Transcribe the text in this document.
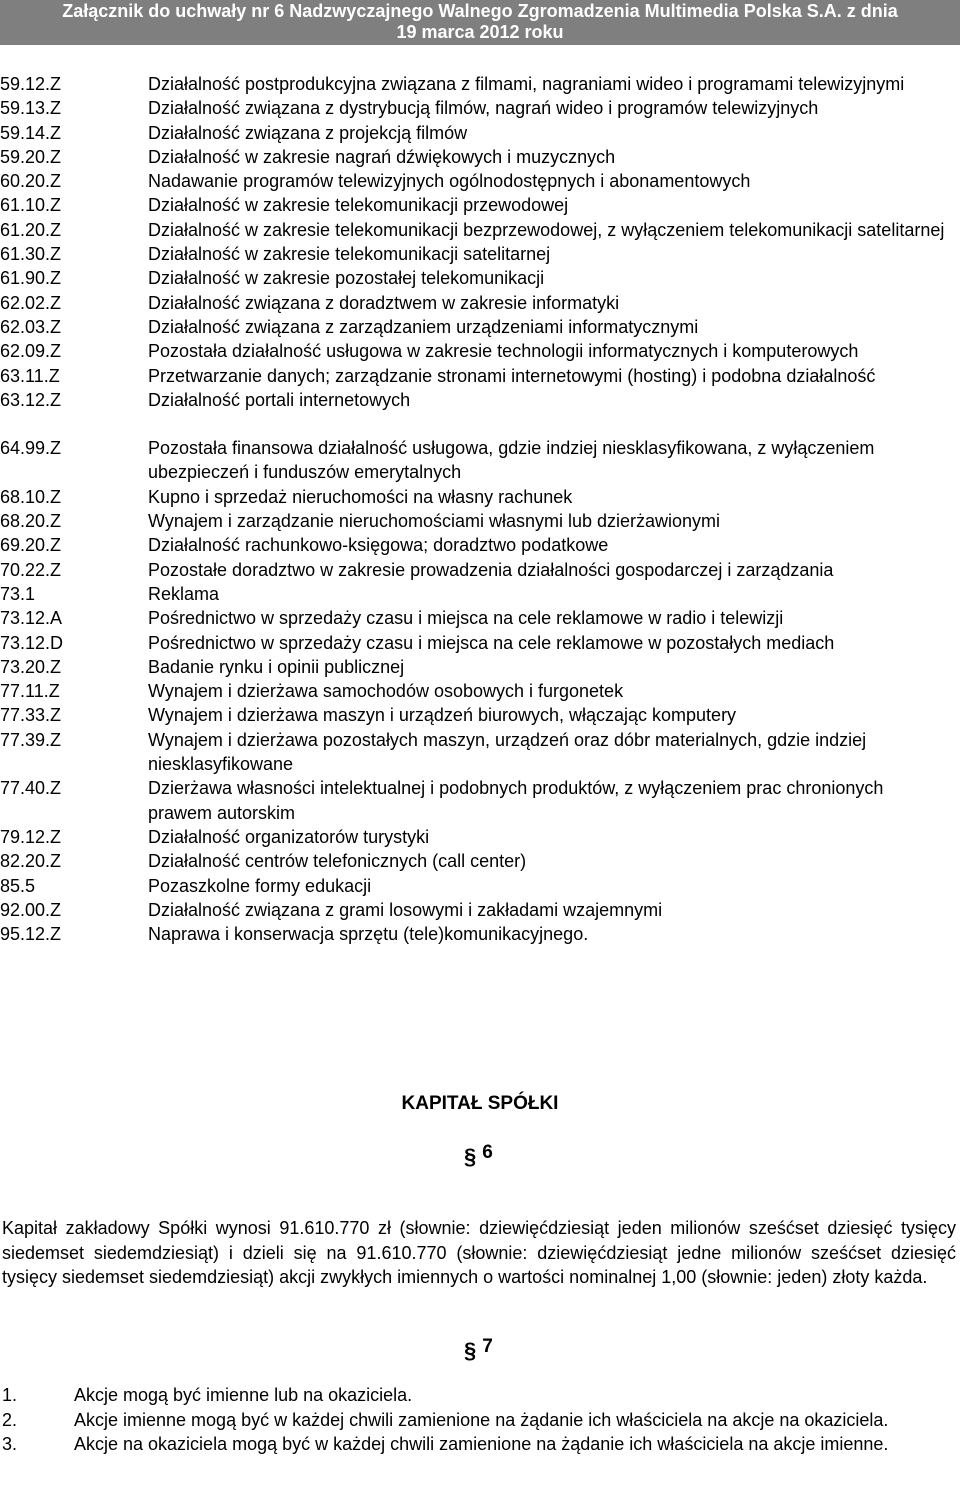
Załącznik do uchwały nr 6 Nadzwyczajnego Walnego Zgromadzenia Multimedia Polska S.A. z dnia
19 marca 2012 roku
59.12.Z	Działalność postprodukcyjna związana z filmami, nagraniami wideo i programami telewizyjnymi
59.13.Z	Działalność związana z dystrybucją filmów, nagrań wideo i programów telewizyjnych
59.14.Z	Działalność związana z projekcją filmów
59.20.Z	Działalność w zakresie nagrań dźwiękowych i muzycznych
60.20.Z	Nadawanie programów telewizyjnych ogólnodostępnych i abonamentowych
61.10.Z	Działalność w zakresie telekomunikacji przewodowej
61.20.Z	Działalność w zakresie telekomunikacji bezprzewodowej, z wyłączeniem telekomunikacji satelitarnej
61.30.Z	Działalność w zakresie telekomunikacji satelitarnej
61.90.Z	Działalność w zakresie pozostałej telekomunikacji
62.02.Z	Działalność związana z doradztwem w zakresie informatyki
62.03.Z	Działalność związana z zarządzaniem urządzeniami informatycznymi
62.09.Z	Pozostała działalność usługowa w zakresie technologii informatycznych i komputerowych
63.11.Z	Przetwarzanie danych; zarządzanie stronami internetowymi (hosting) i podobna działalność
63.12.Z	Działalność portali internetowych
64.99.Z	Pozostała finansowa działalność usługowa, gdzie indziej niesklasyfikowana, z wyłączeniem ubezpieczeń i funduszów emerytalnych
68.10.Z	Kupno i sprzedaż nieruchomości na własny rachunek
68.20.Z	Wynajem i zarządzanie nieruchomościami własnymi lub dzierżawionymi
69.20.Z	Działalność rachunkowo-księgowa; doradztwo podatkowe
70.22.Z	Pozostałe doradztwo w zakresie prowadzenia działalności gospodarczej i zarządzania
73.1	Reklama
73.12.A	Pośrednictwo w sprzedaży czasu i miejsca na cele reklamowe w radio i telewizji
73.12.D	Pośrednictwo w sprzedaży czasu i miejsca na cele reklamowe w pozostałych mediach
73.20.Z	Badanie rynku i opinii publicznej
77.11.Z	Wynajem i dzierżawa samochodów osobowych i furgonetek
77.33.Z	Wynajem i dzierżawa maszyn i urządzeń biurowych, włączając komputery
77.39.Z	Wynajem i dzierżawa pozostałych maszyn, urządzeń oraz dóbr materialnych, gdzie indziej niesklasyfikowane
77.40.Z	Dzierżawa własności intelektualnej i podobnych produktów, z wyłączeniem prac chronionych prawem autorskim
79.12.Z	Działalność organizatorów turystyki
82.20.Z	Działalność centrów telefonicznych (call center)
85.5	Pozaszkolne formy edukacji
92.00.Z	Działalność związana z grami losowymi i zakładami wzajemnymi
95.12.Z	Naprawa i konserwacja sprzętu (tele)komunikacyjnego.
KAPITAŁ SPÓŁKI
§ 6
Kapitał zakładowy Spółki wynosi 91.610.770 zł (słownie: dziewięćdziesiąt jeden milionów sześćset dziesięć tysięcy siedemset siedemdziesiąt) i dzieli się na 91.610.770 (słownie: dziewięćdziesiąt jedne milionów sześćset dziesięć tysięcy siedemset siedemdziesiąt) akcji zwykłych imiennych o wartości nominalnej 1,00 (słownie: jeden) złoty każda.
§ 7
1.	Akcje mogą być imienne lub na okaziciela.
2.	Akcje imienne mogą być w każdej chwili zamienione na żądanie ich właściciela na akcje na okaziciela.
3.	Akcje na okaziciela mogą być w każdej chwili zamienione na żądanie ich właściciela na akcje imienne.
